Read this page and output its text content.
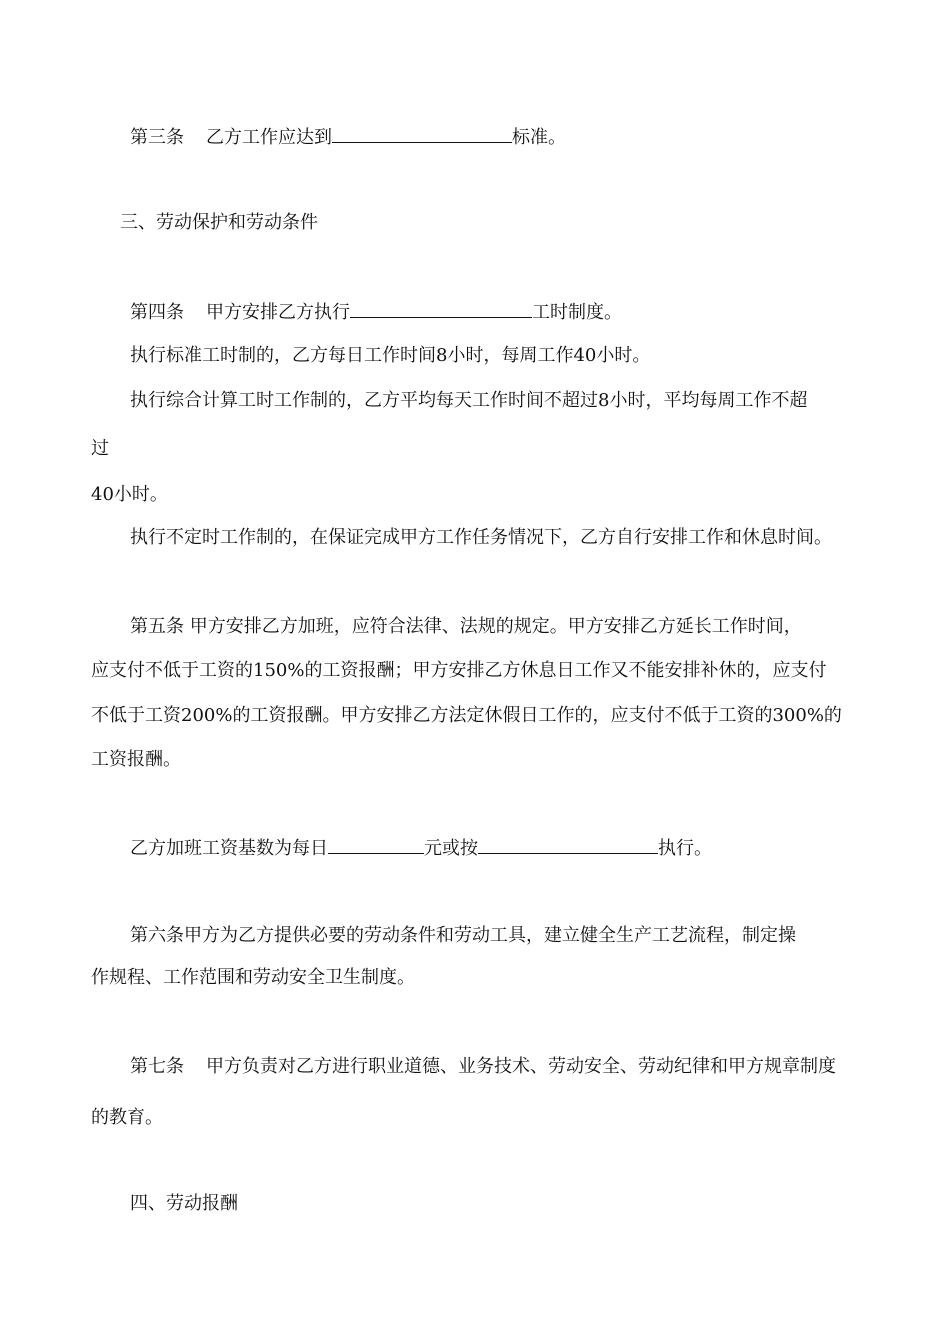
第三条 乙方工作应达到	标准。
三、劳动保护和劳动条件
第四条 甲方安排乙方执行	工时制度。
执行标准工时制的，乙方每日工作时间8小时，每周工作40小时。
执行综合计算工时工作制的，乙方平均每天工作时间不超过8小时，平均每周工作不超
过
40小时。
执行不定时工作制的，在保证完成甲方工作任务情况下，乙方自行安排工作和休息时间。
第五条 甲方安排乙方加班，应符合法律、法规的规定。甲方安排乙方延长工作时间，
应支付不低于工资的150%的工资报酬；甲方安排乙方休息日工作又不能安排补休的，应支付
不低于工资200%的工资报酬。甲方安排乙方法定休假日工作的，应支付不低于工资的300%的
工资报酬。
乙方加班工资基数为每日	元或按	执行。
第六条甲方为乙方提供必要的劳动条件和劳动工具，建立健全生产工艺流程，制定操
作规程、工作范围和劳动安全卫生制度。
第七条 甲方负责对乙方进行职业道德、业务技术、劳动安全、劳动纪律和甲方规章制度
的教育。
四、劳动报酬
